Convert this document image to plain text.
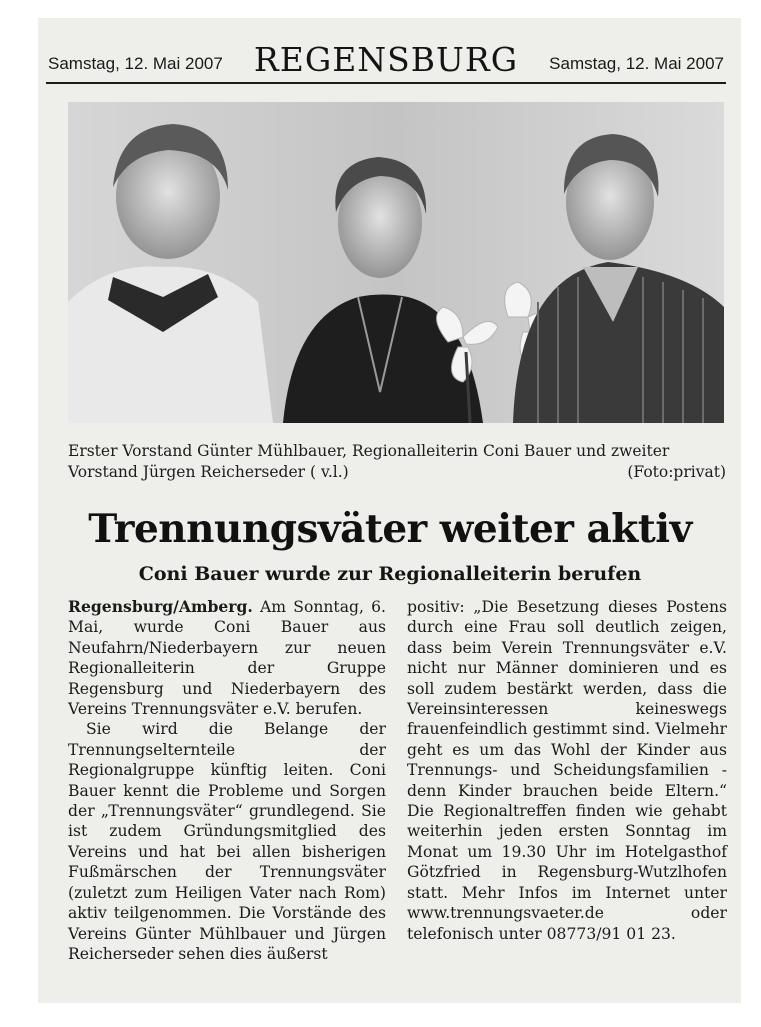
Samstag, 12. Mai 2007 REGENSBURG	Samstag, 12. Mai 2007
Erster Vorstand Günter Mühlbauer, Regionalleiterin Coni Bauer und zweiter Vorstand Jürgen Reicherseder ( v.l.)	(Foto:privat)
Trennungsväter weiter aktiv
Coni Bauer wurde zur Regionalleiterin berufen

Regensburg/Amberg. Am Sonntag, 6. Mai, wurde Coni Bauer aus Neufahrn/Niederbayern zur neuen Regionalleiterin der Gruppe Regensburg und Niederbayern des Vereins Trennungsväter e.V. berufen.

Sie wird die Belange der Trennungselternteile der Regionalgruppe künftig leiten. Coni Bauer kennt die Probleme und Sorgen der „Trennungsväter“ grundlegend. Sie ist zudem Gründungsmitglied des Vereins und hat bei allen bisherigen Fußmärschen der Trennungsväter (zuletzt zum Heiligen Vater nach Rom) aktiv teilgenommen. Die Vorstände des Vereins Günter Mühlbauer und Jürgen Reicherseder sehen dies äußerst

positiv: „Die Besetzung dieses Postens durch eine Frau soll deutlich zeigen, dass beim Verein Trennungsväter e.V. nicht nur Männer dominieren und es soll zudem bestärkt werden, dass die Vereinsinteressen keineswegs frauenfeindlich gestimmt sind. Vielmehr geht es um das Wohl der Kinder aus Trennungs- und Scheidungsfamilien - denn Kinder brauchen beide Eltern.“ Die Regionaltreffen finden wie gehabt weiterhin jeden ersten Sonntag im Monat um 19.30 Uhr im Hotelgasthof Götzfried in Regensburg-Wutzlhofen statt. Mehr Infos im Internet unter www.trennungsvaeter.de oder telefonisch unter 08773/91 01 23.
